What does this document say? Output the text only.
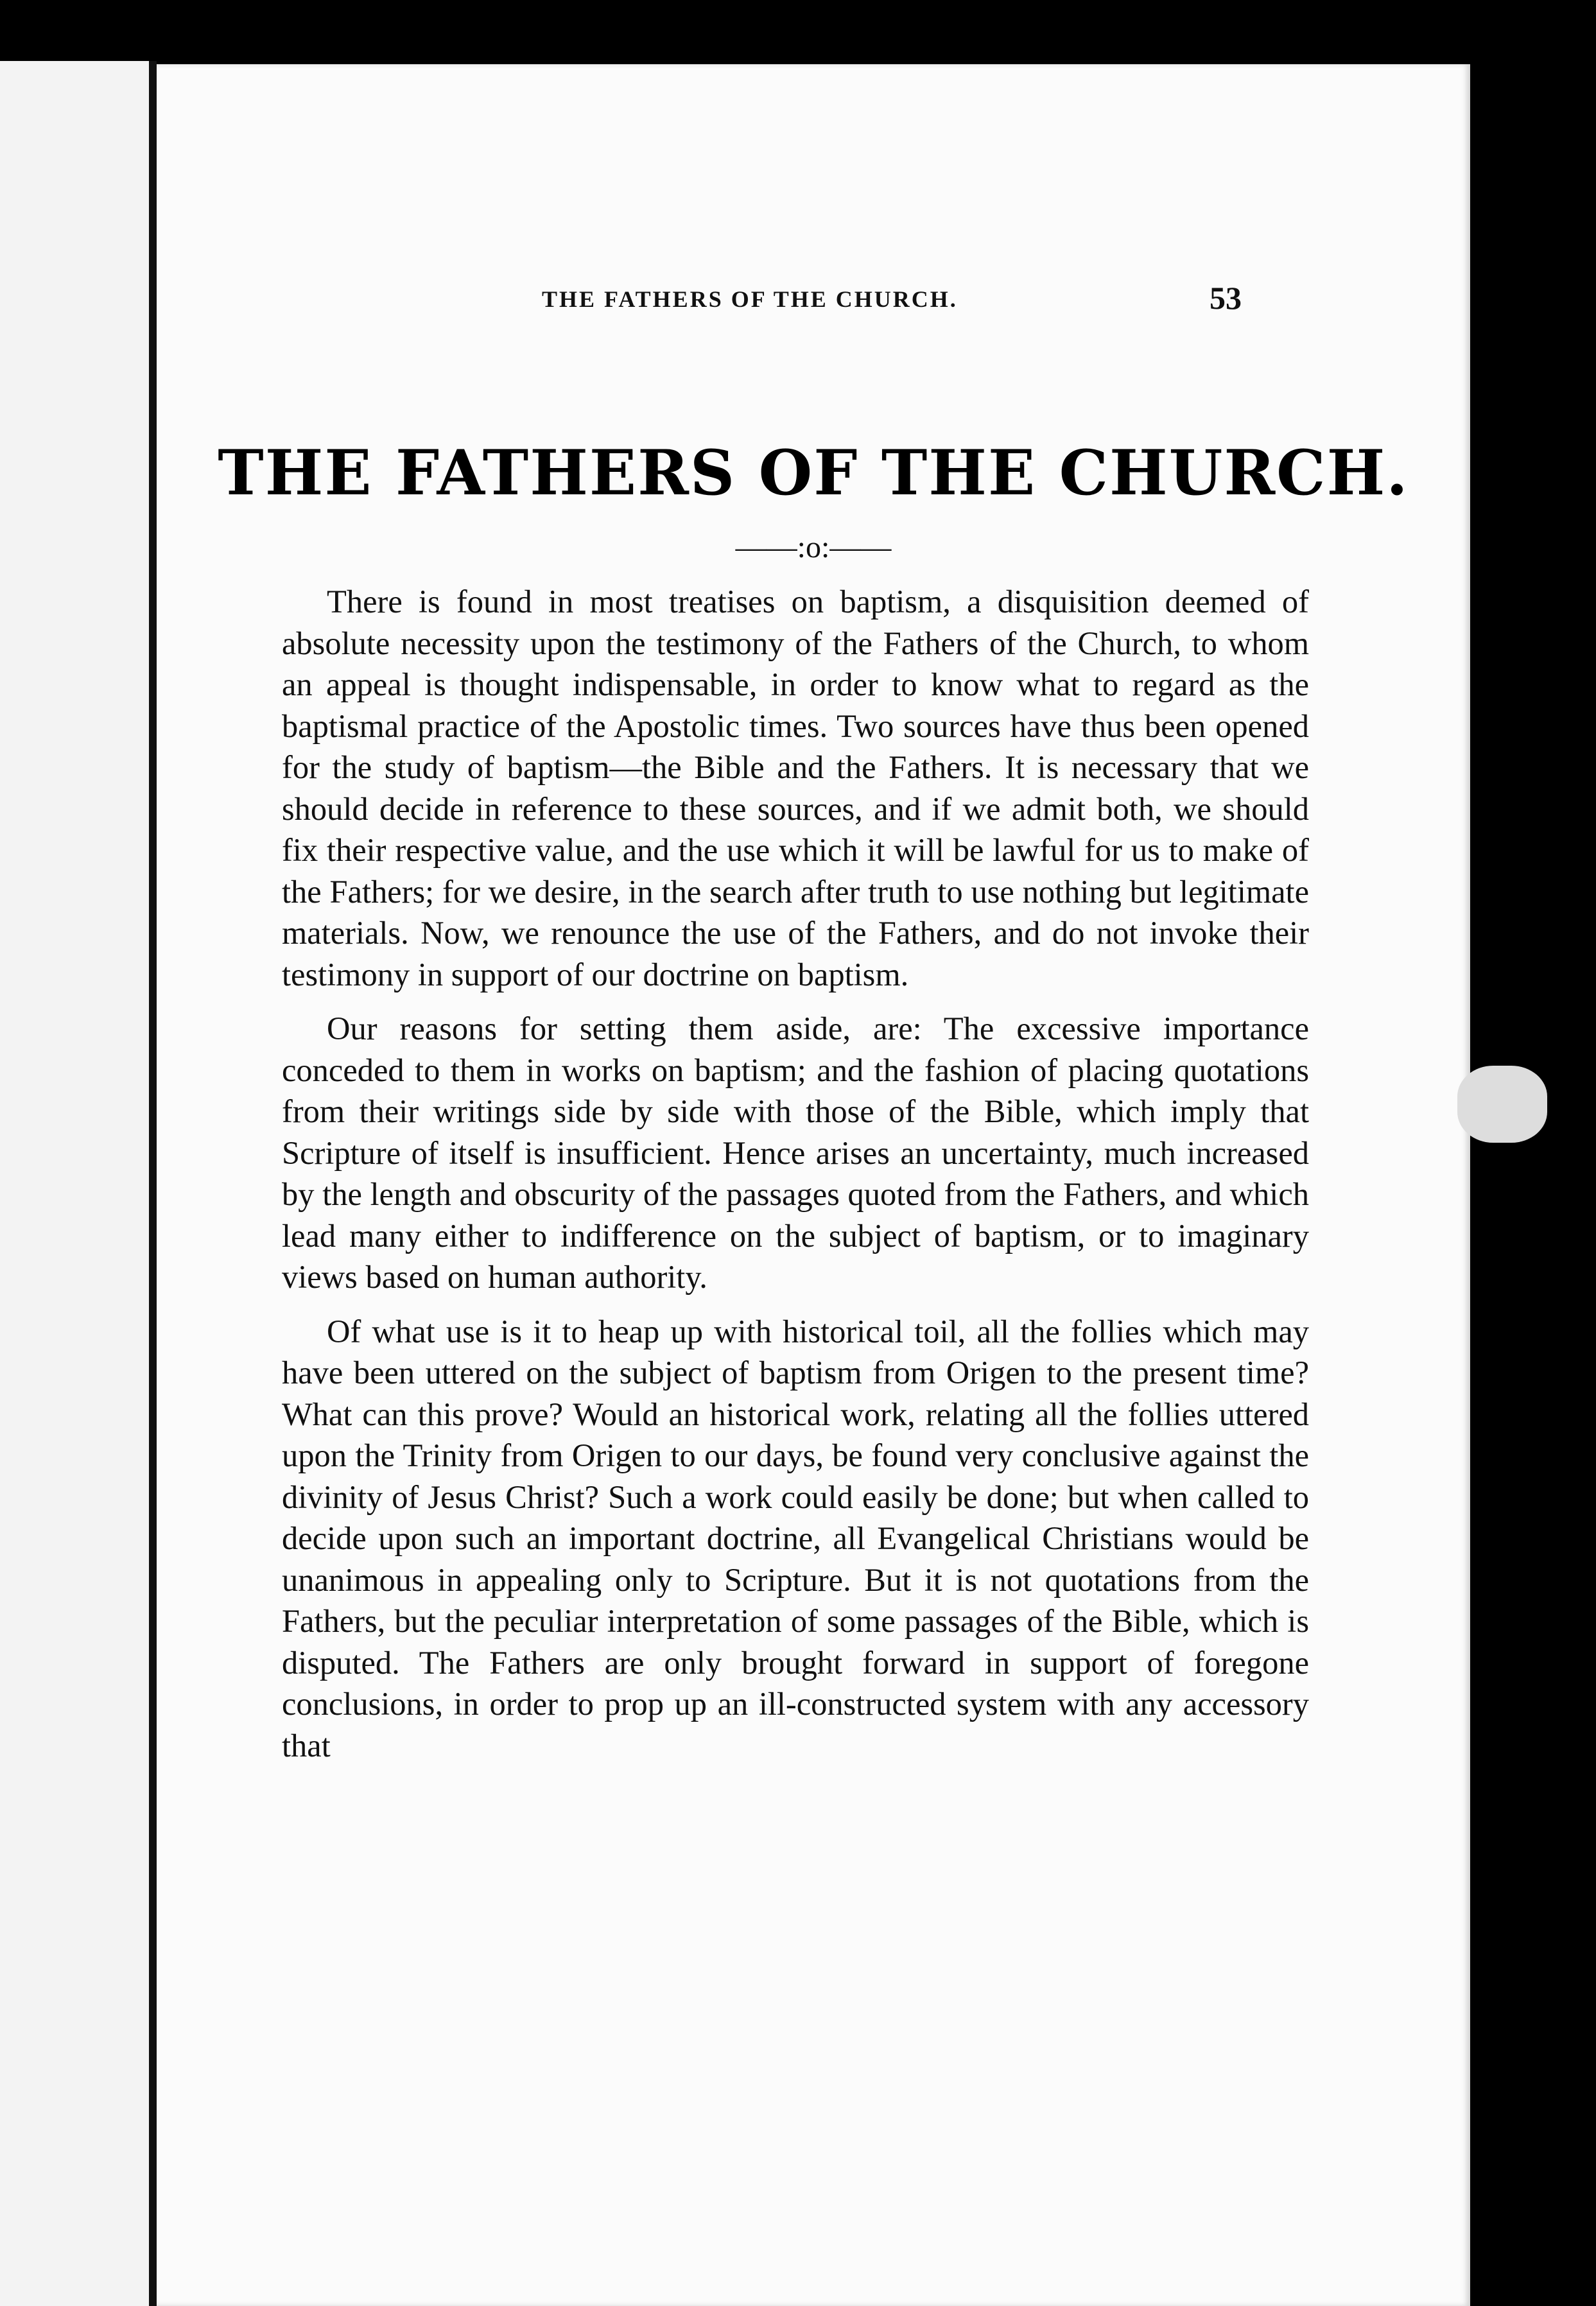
THE FATHERS OF THE CHURCH.	53
THE FATHERS OF THE CHURCH.
——:o:——

There is found in most treatises on baptism, a disquisition deemed of absolute necessity upon the testimony of the Fathers of the Church, to whom an appeal is thought indispensable, in order to know what to regard as the baptismal practice of the Apostolic times. Two sources have thus been opened for the study of baptism—the Bible and the Fathers. It is necessary that we should decide in reference to these sources, and if we admit both, we should fix their respective value, and the use which it will be lawful for us to make of the Fathers; for we desire, in the search after truth to use nothing but legitimate materials. Now, we renounce the use of the Fathers, and do not invoke their testimony in support of our doctrine on baptism.

Our reasons for setting them aside, are: The excessive importance conceded to them in works on baptism; and the fashion of placing quotations from their writings side by side with those of the Bible, which imply that Scripture of itself is insufficient. Hence arises an uncertainty, much increased by the length and obscurity of the passages quoted from the Fathers, and which lead many either to indifference on the subject of baptism, or to imaginary views based on human authority.

Of what use is it to heap up with historical toil, all the follies which may have been uttered on the subject of baptism from Origen to the present time? What can this prove? Would an historical work, relating all the follies uttered upon the Trinity from Origen to our days, be found very conclusive against the divinity of Jesus Christ? Such a work could easily be done; but when called to decide upon such an important doctrine, all Evangelical Christians would be unanimous in appealing only to Scripture. But it is not quotations from the Fathers, but the peculiar interpretation of some passages of the Bible, which is disputed. The Fathers are only brought forward in support of foregone conclusions, in order to prop up an ill-constructed system with any accessory that
